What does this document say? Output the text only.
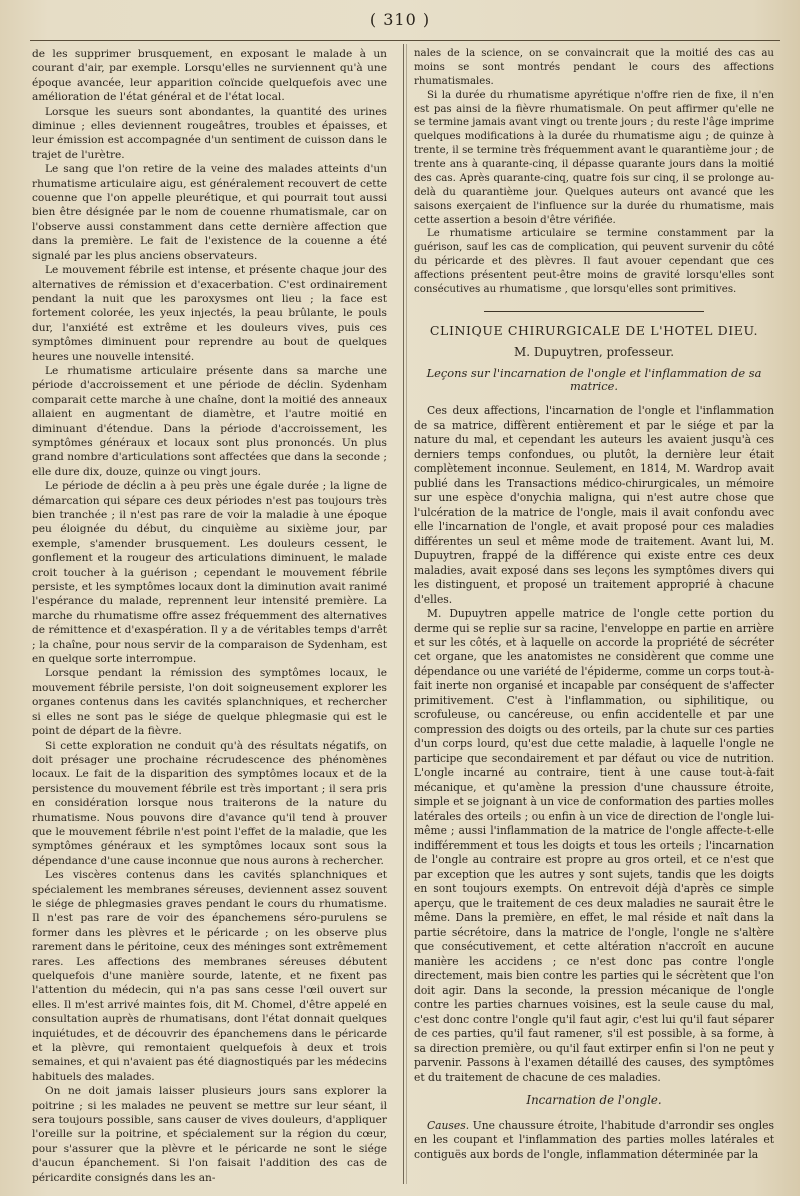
( 310 )

de les supprimer brusquement, en exposant le malade à un courant d'air, par exemple. Lorsqu'elles ne surviennent qu'à une époque avancée, leur apparition coïncide quelquefois avec une amélioration de l'état général et de l'état local.

Lorsque les sueurs sont abondantes, la quantité des urines diminue ; elles deviennent rougeâtres, troubles et épaisses, et leur émission est accompagnée d'un sentiment de cuisson dans le trajet de l'urètre.

Le sang que l'on retire de la veine des malades atteints d'un rhumatisme articulaire aigu, est généralement recouvert de cette couenne que l'on appelle pleurétique, et qui pourrait tout aussi bien être désignée par le nom de couenne rhumatismale, car on l'observe aussi constamment dans cette dernière affection que dans la première. Le fait de l'existence de la couenne a été signalé par les plus anciens observateurs.

Le mouvement fébrile est intense, et présente chaque jour des alternatives de rémission et d'exacerbation. C'est ordinairement pendant la nuit que les paroxysmes ont lieu ; la face est fortement colorée, les yeux injectés, la peau brûlante, le pouls dur, l'anxiété est extrême et les douleurs vives, puis ces symptômes diminuent pour reprendre au bout de quelques heures une nouvelle intensité.

Le rhumatisme articulaire présente dans sa marche une période d'accroissement et une période de déclin. Sydenham comparait cette marche à une chaîne, dont la moitié des anneaux allaient en augmentant de diamètre, et l'autre moitié en diminuant d'étendue. Dans la période d'accroissement, les symptômes généraux et locaux sont plus prononcés. Un plus grand nombre d'articulations sont affectées que dans la seconde ; elle dure dix, douze, quinze ou vingt jours.

Le période de déclin a à peu près une égale durée ; la ligne de démarcation qui sépare ces deux périodes n'est pas toujours très bien tranchée ; il n'est pas rare de voir la maladie à une époque peu éloignée du début, du cinquième au sixième jour, par exemple, s'amender brusquement. Les douleurs cessent, le gonflement et la rougeur des articulations diminuent, le malade croit toucher à la guérison ; cependant le mouvement fébrile persiste, et les symptômes locaux dont la diminution avait ranimé l'espérance du malade, reprennent leur intensité première. La marche du rhumatisme offre assez fréquemment des alternatives de rémittence et d'exaspération. Il y a de véritables temps d'arrêt ; la chaîne, pour nous servir de la comparaison de Sydenham, est en quelque sorte interrompue.

Lorsque pendant la rémission des symptômes locaux, le mouvement fébrile persiste, l'on doit soigneusement explorer les organes contenus dans les cavités splanchniques, et rechercher si elles ne sont pas le siége de quelque phlegmasie qui est le point de départ de la fièvre.

Si cette exploration ne conduit qu'à des résultats négatifs, on doit présager une prochaine récrudescence des phénomènes locaux. Le fait de la disparition des symptômes locaux et de la persistence du mouvement fébrile est très important ; il sera pris en considération lorsque nous traiterons de la nature du rhumatisme. Nous pouvons dire d'avance qu'il tend à prouver que le mouvement fébrile n'est point l'effet de la maladie, que les symptômes généraux et les symptômes locaux sont sous la dépendance d'une cause inconnue que nous aurons à rechercher.

Les viscères contenus dans les cavités splanchniques et spécialement les membranes séreuses, deviennent assez souvent le siége de phlegmasies graves pendant le cours du rhumatisme. Il n'est pas rare de voir des épanchemens séro-purulens se former dans les plèvres et le péricarde ; on les observe plus rarement dans le péritoine, ceux des méninges sont extrêmement rares. Les affections des membranes séreuses débutent quelquefois d'une manière sourde, latente, et ne fixent pas l'attention du médecin, qui n'a pas sans cesse l'œil ouvert sur elles. Il m'est arrivé maintes fois, dit M. Chomel, d'être appelé en consultation auprès de rhumatisans, dont l'état donnait quelques inquiétudes, et de découvrir des épanchemens dans le péricarde et la plèvre, qui remontaient quelquefois à deux et trois semaines, et qui n'avaient pas été diagnostiqués par les médecins habituels des malades.

On ne doit jamais laisser plusieurs jours sans explorer la poitrine ; si les malades ne peuvent se mettre sur leur séant, il sera toujours possible, sans causer de vives douleurs, d'appliquer l'oreille sur la poitrine, et spécialement sur la région du cœur, pour s'assurer que la plèvre et le péricarde ne sont le siége d'aucun épanchement. Si l'on faisait l'addition des cas de péricardite consignés dans les an-

nales de la science, on se convaincrait que la moitié des cas au moins se sont montrés pendant le cours des affections rhumatismales.

Si la durée du rhumatisme apyrétique n'offre rien de fixe, il n'en est pas ainsi de la fièvre rhumatismale. On peut affirmer qu'elle ne se termine jamais avant vingt ou trente jours ; du reste l'âge imprime quelques modifications à la durée du rhumatisme aigu ; de quinze à trente, il se termine très fréquemment avant le quarantième jour ; de trente ans à quarante-cinq, il dépasse quarante jours dans la moitié des cas. Après quarante-cinq, quatre fois sur cinq, il se prolonge au-delà du quarantième jour. Quelques auteurs ont avancé que les saisons exerçaient de l'influence sur la durée du rhumatisme, mais cette assertion a besoin d'être vérifiée.

Le rhumatisme articulaire se termine constamment par la guérison, sauf les cas de complication, qui peuvent survenir du côté du péricarde et des plèvres. Il faut avouer cependant que ces affections présentent peut-être moins de gravité lorsqu'elles sont consécutives au rhumatisme , que lorsqu'elles sont primitives.

CLINIQUE CHIRURGICALE DE L'HOTEL DIEU.
M. Dupuytren, professeur.
Leçons sur l'incarnation de l'ongle et l'inflammation de sa matrice.

Ces deux affections, l'incarnation de l'ongle et l'inflammation de sa matrice, diffèrent entièrement et par le siége et par la nature du mal, et cependant les auteurs les avaient jusqu'à ces derniers temps confondues, ou plutôt, la dernière leur était complètement inconnue. Seulement, en 1814, M. Wardrop avait publié dans les Transactions médico-chirurgicales, un mémoire sur une espèce d'onychia maligna, qui n'est autre chose que l'ulcération de la matrice de l'ongle, mais il avait confondu avec elle l'incarnation de l'ongle, et avait proposé pour ces maladies différentes un seul et même mode de traitement. Avant lui, M. Dupuytren, frappé de la différence qui existe entre ces deux maladies, avait exposé dans ses leçons les symptômes divers qui les distinguent, et proposé un traitement approprié à chacune d'elles.

M. Dupuytren appelle matrice de l'ongle cette portion du derme qui se replie sur sa racine, l'enveloppe en partie en arrière et sur les côtés, et à laquelle on accorde la propriété de sécréter cet organe, que les anatomistes ne considèrent que comme une dépendance ou une variété de l'épiderme, comme un corps tout-à-fait inerte non organisé et incapable par conséquent de s'affecter primitivement. C'est à l'inflammation, ou siphilitique, ou scrofuleuse, ou cancéreuse, ou enfin accidentelle et par une compression des doigts ou des orteils, par la chute sur ces parties d'un corps lourd, qu'est due cette maladie, à laquelle l'ongle ne participe que secondairement et par défaut ou vice de nutrition. L'ongle incarné au contraire, tient à une cause tout-à-fait mécanique, et qu'amène la pression d'une chaussure étroite, simple et se joignant à un vice de conformation des parties molles latérales des orteils ; ou enfin à un vice de direction de l'ongle lui-même ; aussi l'inflammation de la matrice de l'ongle affecte-t-elle indifféremment et tous les doigts et tous les orteils ; l'incarnation de l'ongle au contraire est propre au gros orteil, et ce n'est que par exception que les autres y sont sujets, tandis que les doigts en sont toujours exempts. On entrevoit déjà d'après ce simple aperçu, que le traitement de ces deux maladies ne saurait être le même. Dans la première, en effet, le mal réside et naît dans la partie sécrétoire, dans la matrice de l'ongle, l'ongle ne s'altère que consécutivement, et cette altération n'accroît en aucune manière les accidens ; ce n'est donc pas contre l'ongle directement, mais bien contre les parties qui le sécrètent que l'on doit agir. Dans la seconde, la pression mécanique de l'ongle contre les parties charnues voisines, est la seule cause du mal, c'est donc contre l'ongle qu'il faut agir, c'est lui qu'il faut séparer de ces parties, qu'il faut ramener, s'il est possible, à sa forme, à sa direction première, ou qu'il faut extirper enfin si l'on ne peut y parvenir. Passons à l'examen détaillé des causes, des symptômes et du traitement de chacune de ces maladies.

Incarnation de l'ongle.

Causes. Une chaussure étroite, l'habitude d'arrondir ses ongles en les coupant et l'inflammation des parties molles latérales et contiguës aux bords de l'ongle, inflammation déterminée par la
